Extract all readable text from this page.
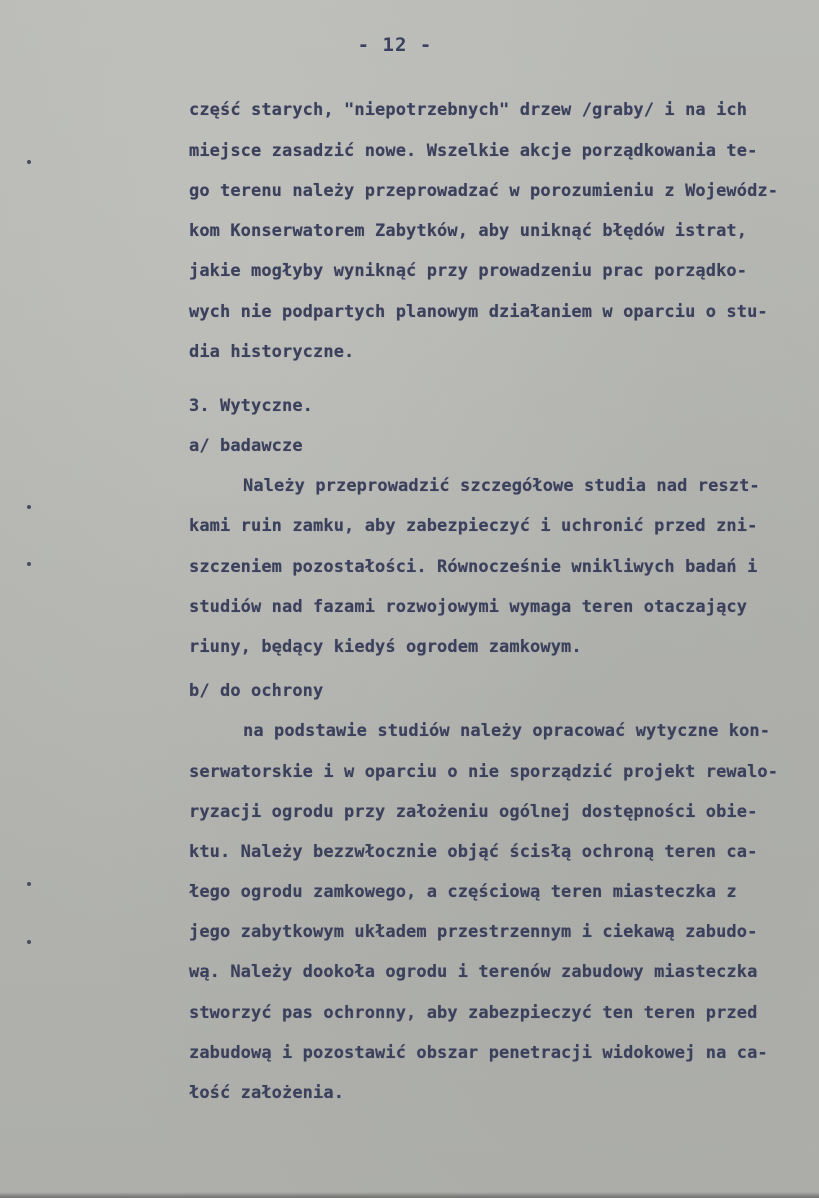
- 12 -
część starych, "niepotrzebnych" drzew /graby/ i na ich
miejsce zasadzić nowe. Wszelkie akcje porządkowania te-
go terenu należy przeprowadzać w porozumieniu z Wojewódz-
kom Konserwatorem Zabytków, aby uniknąć błędów istrat,
jakie mogłyby wyniknąć przy prowadzeniu prac porządko-
wych nie podpartych planowym działaniem w oparciu o stu-
dia historyczne.
3. Wytyczne.
a/ badawcze
Należy przeprowadzić szczegółowe studia nad reszt-
kami ruin zamku, aby zabezpieczyć i uchronić przed zni-
szczeniem pozostałości. Równocześnie wnikliwych badań i
studiów nad fazami rozwojowymi wymaga teren otaczający
riuny, będący kiedyś ogrodem zamkowym.
b/ do ochrony
na podstawie studiów należy opracować wytyczne kon-
serwatorskie i w oparciu o nie sporządzić projekt rewalo-
ryzacji ogrodu przy założeniu ogólnej dostępności obie-
ktu. Należy bezzwłocznie objąć ścisłą ochroną teren ca-
łego ogrodu zamkowego, a częściową teren miasteczka z
jego zabytkowym układem przestrzennym i ciekawą zabudo-
wą. Należy dookoła ogrodu i terenów zabudowy miasteczka
stworzyć pas ochronny, aby zabezpieczyć ten teren przed
zabudową i pozostawić obszar penetracji widokowej na ca-
łość założenia.
